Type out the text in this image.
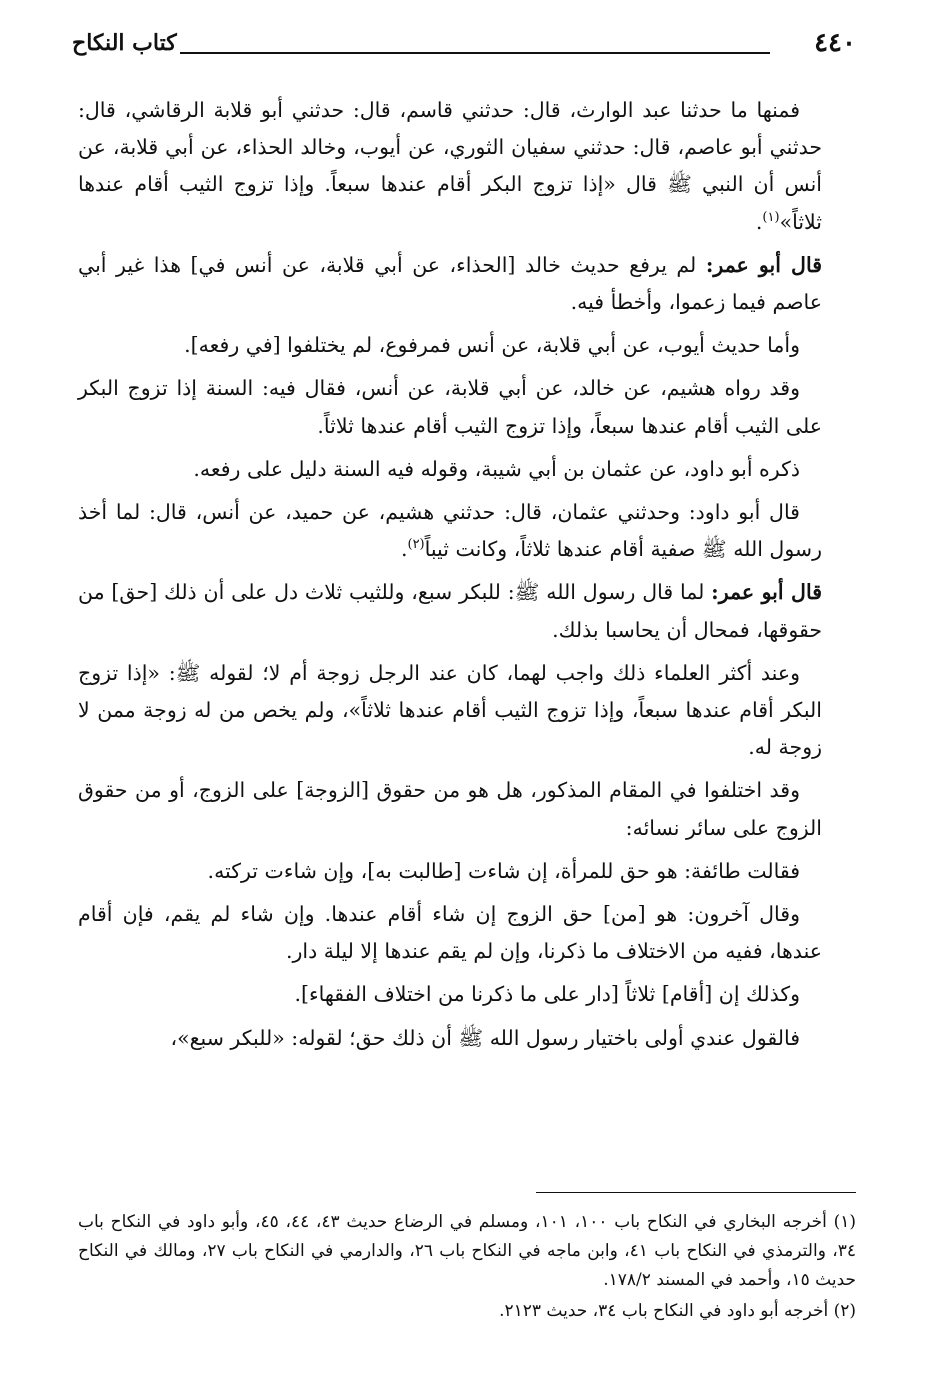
٤٤٠
كتاب النكاح

فمنها ما حدثنا عبد الوارث، قال: حدثني قاسم، قال: حدثني أبو قلابة الرقاشي، قال: حدثني أبو عاصم، قال: حدثني سفيان الثوري، عن أيوب، وخالد الحذاء، عن أبي قلابة، عن أنس أن النبي ﷺ قال «إذا تزوج البكر أقام عندها سبعاً. وإذا تزوج الثيب أقام عندها ثلاثاً»$^{(١)}$.

قال أبو عمر: لم يرفع حديث خالد [الحذاء، عن أبي قلابة، عن أنس في] هذا غير أبي عاصم فيما زعموا، وأخطأ فيه.

وأما حديث أيوب، عن أبي قلابة، عن أنس فمرفوع، لم يختلفوا [في رفعه].

وقد رواه هشيم، عن خالد، عن أبي قلابة، عن أنس، فقال فيه: السنة إذا تزوج البكر على الثيب أقام عندها سبعاً، وإذا تزوج الثيب أقام عندها ثلاثاً.

ذكره أبو داود، عن عثمان بن أبي شيبة، وقوله فيه السنة دليل على رفعه.

قال أبو داود: وحدثني عثمان، قال: حدثني هشيم، عن حميد، عن أنس، قال: لما أخذ رسول الله ﷺ صفية أقام عندها ثلاثاً، وكانت ثيباً$^{(٢)}$.

قال أبو عمر: لما قال رسول الله ﷺ: للبكر سبع، وللثيب ثلاث دل على أن ذلك [حق] من حقوقها، فمحال أن يحاسبا بذلك.

وعند أكثر العلماء ذلك واجب لهما، كان عند الرجل زوجة أم لا؛ لقوله ﷺ: «إذا تزوج البكر أقام عندها سبعاً، وإذا تزوج الثيب أقام عندها ثلاثاً»، ولم يخص من له زوجة ممن لا زوجة له.

وقد اختلفوا في المقام المذكور، هل هو من حقوق [الزوجة] على الزوج، أو من حقوق الزوج على سائر نسائه:

فقالت طائفة: هو حق للمرأة، إن شاءت [طالبت به]، وإن شاءت تركته.

وقال آخرون: هو [من] حق الزوج إن شاء أقام عندها. وإن شاء لم يقم، فإن أقام عندها، ففيه من الاختلاف ما ذكرنا، وإن لم يقم عندها إلا ليلة دار.

وكذلك إن [أقام] ثلاثاً [دار على ما ذكرنا من اختلاف الفقهاء].

فالقول عندي أولى باختيار رسول الله ﷺ أن ذلك حق؛ لقوله: «للبكر سبع»،

(١) أخرجه البخاري في النكاح باب ١٠٠، ١٠١، ومسلم في الرضاع حديث ٤٣، ٤٤، ٤٥، وأبو داود في النكاح باب ٣٤، والترمذي في النكاح باب ٤١، وابن ماجه في النكاح باب ٢٦، والدارمي في النكاح باب ٢٧، ومالك في النكاح حديث ١٥، وأحمد في المسند ١٧٨/٢.

(٢) أخرجه أبو داود في النكاح باب ٣٤، حديث ٢١٢٣.
